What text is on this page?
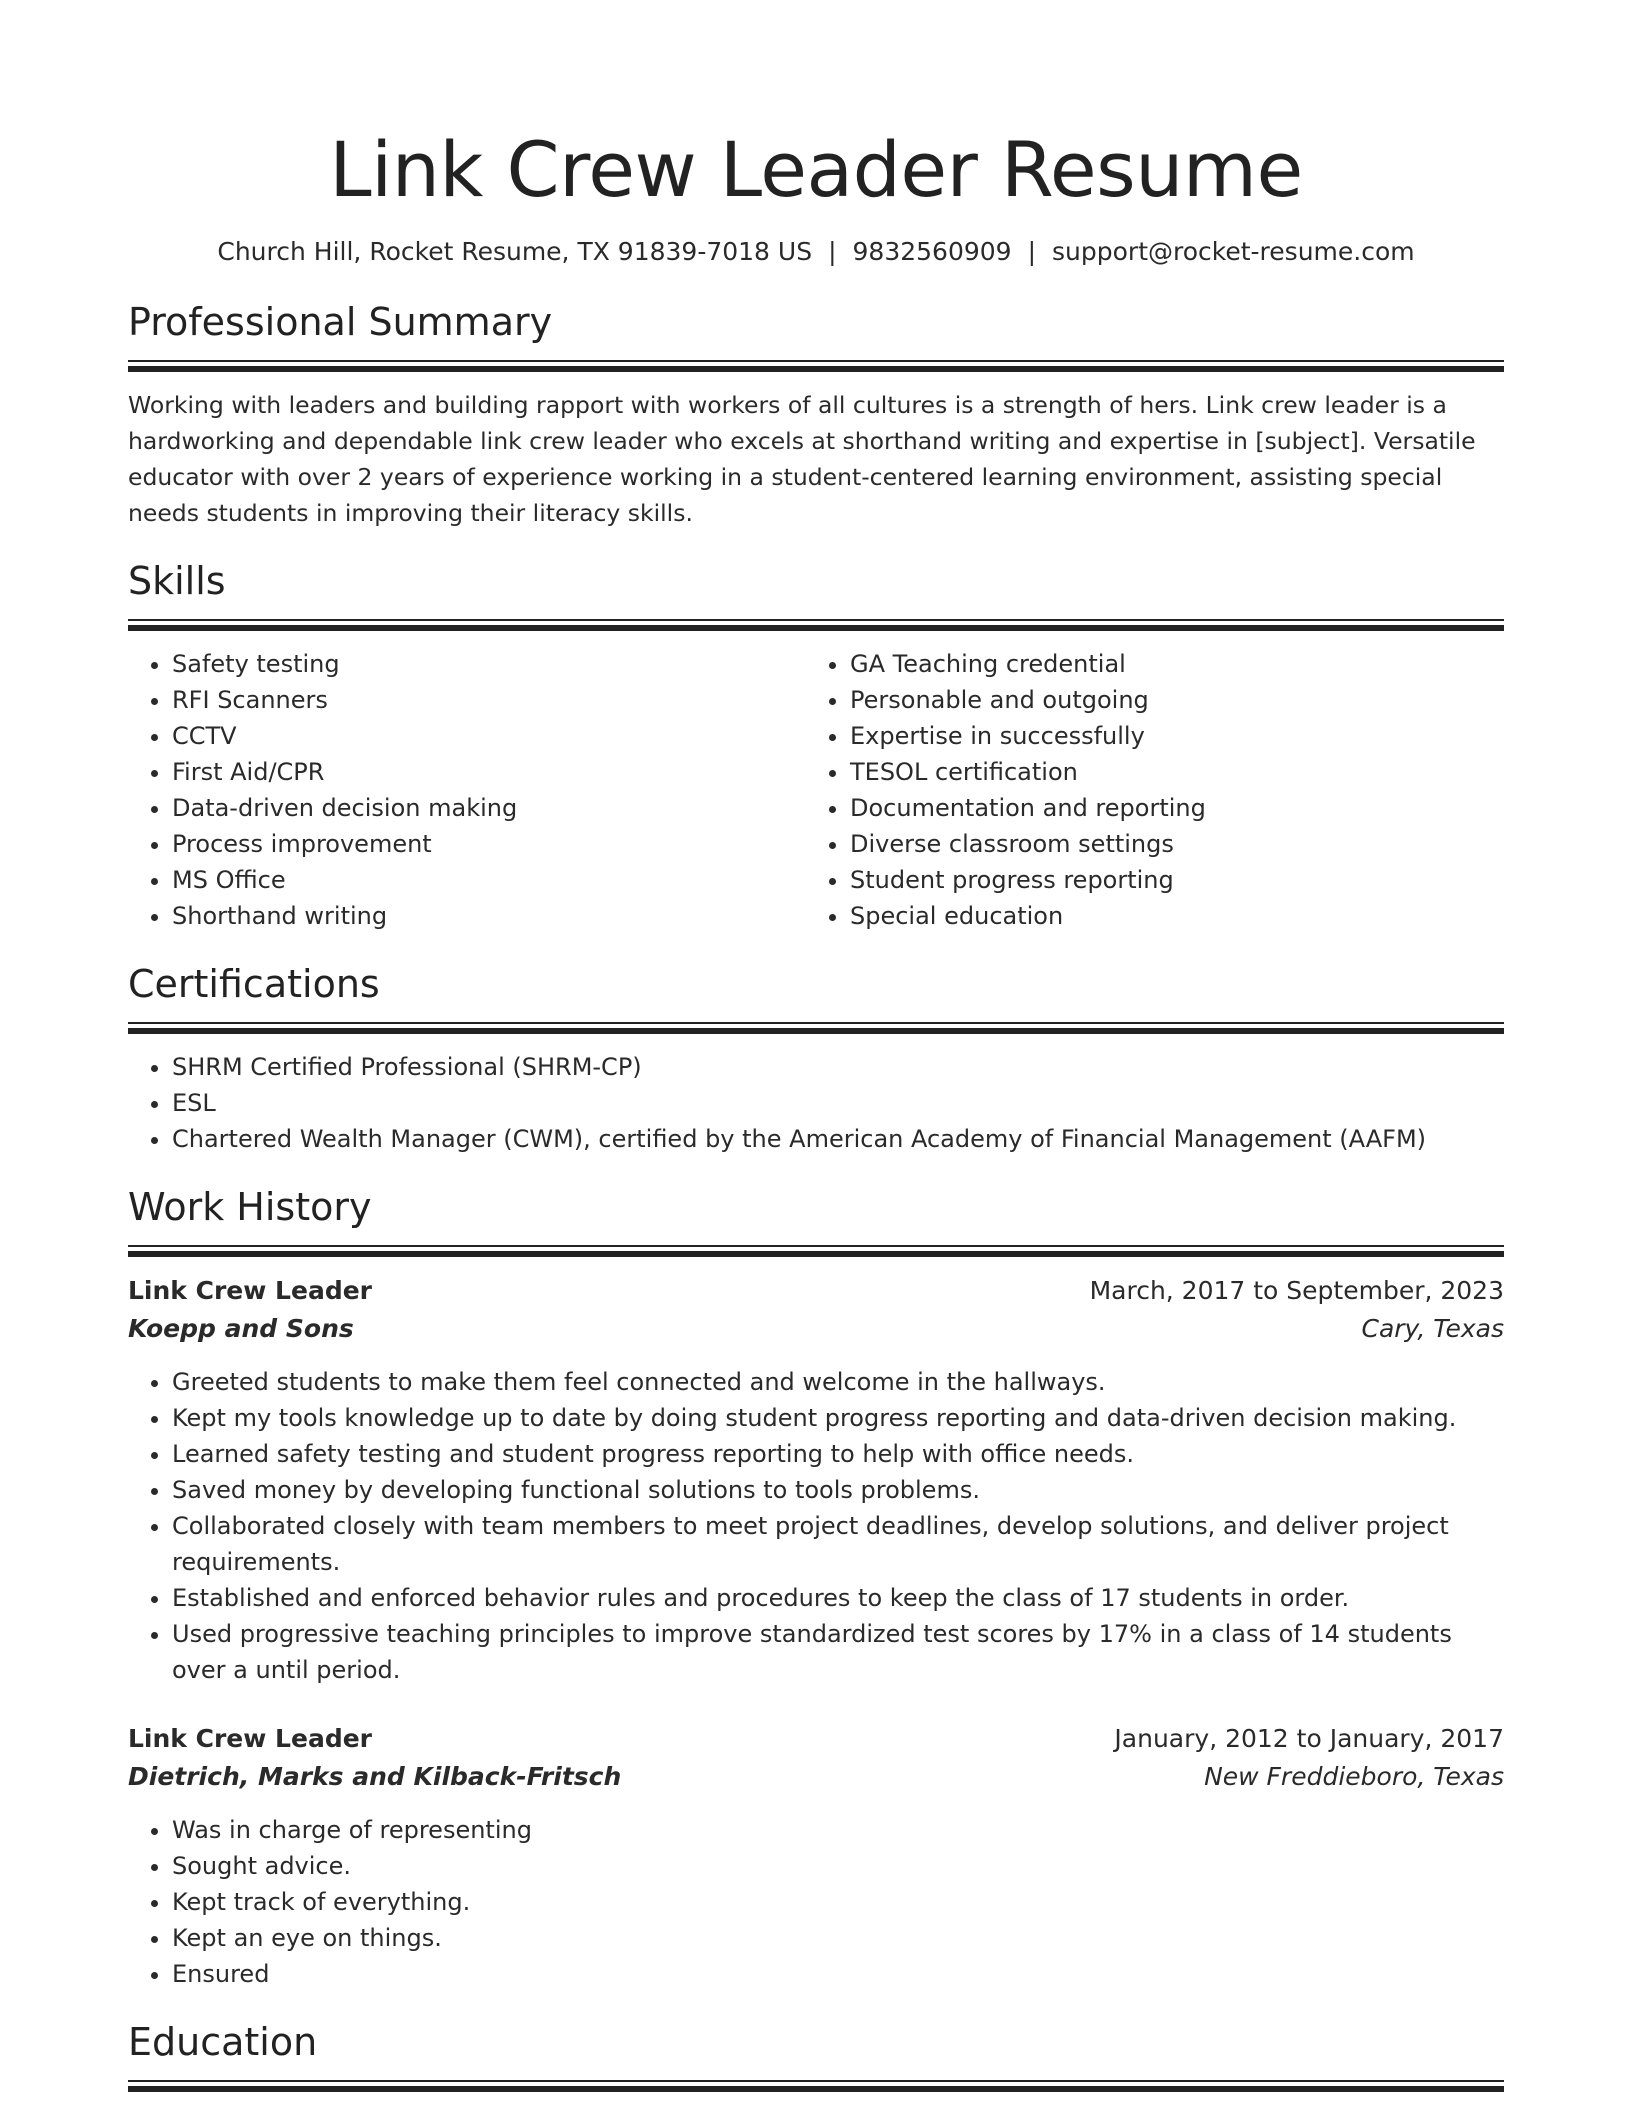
Link Crew Leader Resume
Church Hill, Rocket Resume, TX 91839-7018 US | 9832560909 | support@rocket-resume.com
Professional Summary
Working with leaders and building rapport with workers of all cultures is a strength of hers. Link crew leader is a hardworking and dependable link crew leader who excels at shorthand writing and expertise in [subject]. Versatile educator with over 2 years of experience working in a student-centered learning environment, assisting special needs students in improving their literacy skills.
Skills
• Safety testing
• RFI Scanners
• CCTV
• First Aid/CPR
• Data-driven decision making
• Process improvement
• MS Office
• Shorthand writing
• GA Teaching credential
• Personable and outgoing
• Expertise in successfully
• TESOL certification
• Documentation and reporting
• Diverse classroom settings
• Student progress reporting
• Special education
Certifications
• SHRM Certified Professional (SHRM-CP)
• ESL
• Chartered Wealth Manager (CWM), certified by the American Academy of Financial Management (AAFM)
Work History
Link Crew Leader	March, 2017 to September, 2023
Koepp and Sons	Cary, Texas
• Greeted students to make them feel connected and welcome in the hallways.
• Kept my tools knowledge up to date by doing student progress reporting and data-driven decision making.
• Learned safety testing and student progress reporting to help with office needs.
• Saved money by developing functional solutions to tools problems.
• Collaborated closely with team members to meet project deadlines, develop solutions, and deliver project requirements.
• Established and enforced behavior rules and procedures to keep the class of 17 students in order.
• Used progressive teaching principles to improve standardized test scores by 17% in a class of 14 students over a until period.
Link Crew Leader	January, 2012 to January, 2017
Dietrich, Marks and Kilback-Fritsch	New Freddieboro, Texas
• Was in charge of representing
• Sought advice.
• Kept track of everything.
• Kept an eye on things.
• Ensured
Education
